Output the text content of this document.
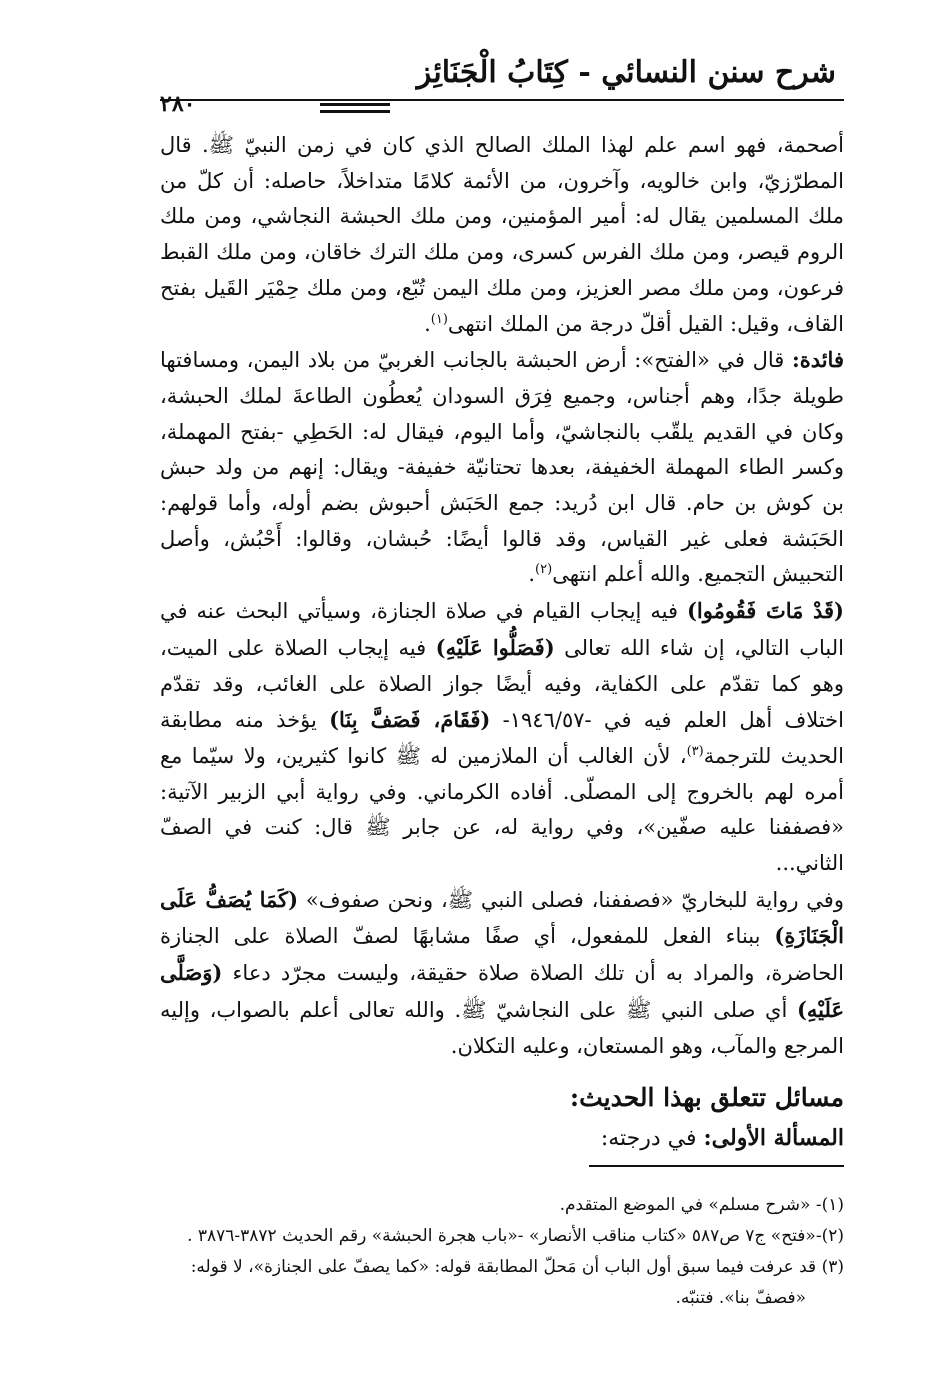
شرح سنن النسائي - كِتَابُ الْجَنَائِز
٢٨٠

أصحمة، فهو اسم علم لهذا الملك الصالح الذي كان في زمن النبيّ ﷺ. قال المطرّزيّ، وابن خالويه، وآخرون، من الأئمة كلامًا متداخلاً، حاصله: أن كلّ من ملك المسلمين يقال له: أمير المؤمنين، ومن ملك الحبشة النجاشي، ومن ملك الروم قيصر، ومن ملك الفرس كسرى، ومن ملك الترك خاقان، ومن ملك القبط فرعون، ومن ملك مصر العزيز، ومن ملك اليمن تُبّع، ومن ملك حِمْيَر القَيل بفتح القاف، وقيل: القيل أقلّ درجة من الملك انتهى$^{(١)}$.

فائدة: قال في «الفتح»: أرض الحبشة بالجانب الغربيّ من بلاد اليمن، ومسافتها طويلة جدًا، وهم أجناس، وجميع فِرَق السودان يُعطُون الطاعةَ لملك الحبشة، وكان في القديم يلقّب بالنجاشيّ، وأما اليوم، فيقال له: الحَطِي -بفتح المهملة، وكسر الطاء المهملة الخفيفة، بعدها تحتانيّة خفيفة- ويقال: إنهم من ولد حبش بن كوش بن حام. قال ابن دُريد: جمع الحَبَش أحبوش بضم أوله، وأما قولهم: الحَبَشة فعلى غير القياس، وقد قالوا أيضًا: حُبشان، وقالوا: أَحْبُش، وأصل التحبيش التجميع. والله أعلم انتهى$^{(٢)}$.

(قَدْ مَاتَ فَقُومُوا) فيه إيجاب القيام في صلاة الجنازة، وسيأتي البحث عنه في الباب التالي، إن شاء الله تعالى (فَصَلُّوا عَلَيْهِ) فيه إيجاب الصلاة على الميت، وهو كما تقدّم على الكفاية، وفيه أيضًا جواز الصلاة على الغائب، وقد تقدّم اختلاف أهل العلم فيه في -١٩٤٦/٥٧- (فَقَامَ، فَصَفَّ بِنَا) يؤخذ منه مطابقة الحديث للترجمة$^{(٣)}$، لأن الغالب أن الملازمين له ﷺ كانوا كثيرين، ولا سيّما مع أمره لهم بالخروج إلى المصلّى. أفاده الكرماني. وفي رواية أبي الزبير الآتية: «فصففنا عليه صفّين»، وفي رواية له، عن جابر ﷺ قال: كنت في الصفّ الثاني...

وفي رواية للبخاريّ «فصففنا، فصلى النبي ﷺ، ونحن صفوف» (كَمَا يُصَفُّ عَلَى الْجَنَازَةِ) ببناء الفعل للمفعول، أي صفًا مشابهًا لصفّ الصلاة على الجنازة الحاضرة، والمراد به أن تلك الصلاة صلاة حقيقة، وليست مجرّد دعاء (وَصَلَّى عَلَيْهِ) أي صلى النبي ﷺ على النجاشيّ ﷺ. والله تعالى أعلم بالصواب، وإليه المرجع والمآب، وهو المستعان، وعليه التكلان.

مسائل تتعلق بهذا الحديث:

المسألة الأولى: في درجته:

(١)- «شرح مسلم» في الموضع المتقدم.

(٢)-«فتح» ج٧ ص٥٨٧ «كتاب مناقب الأنصار» -«باب هجرة الحبشة» رقم الحديث ٣٨٧٢-٣٨٧٦ .

(٣) قد عرفت فيما سبق أول الباب أن مَحلّ المطابقة قوله: «كما يصفّ على الجنازة»، لا قوله:

«فصفّ بنا». فتنبّه.
